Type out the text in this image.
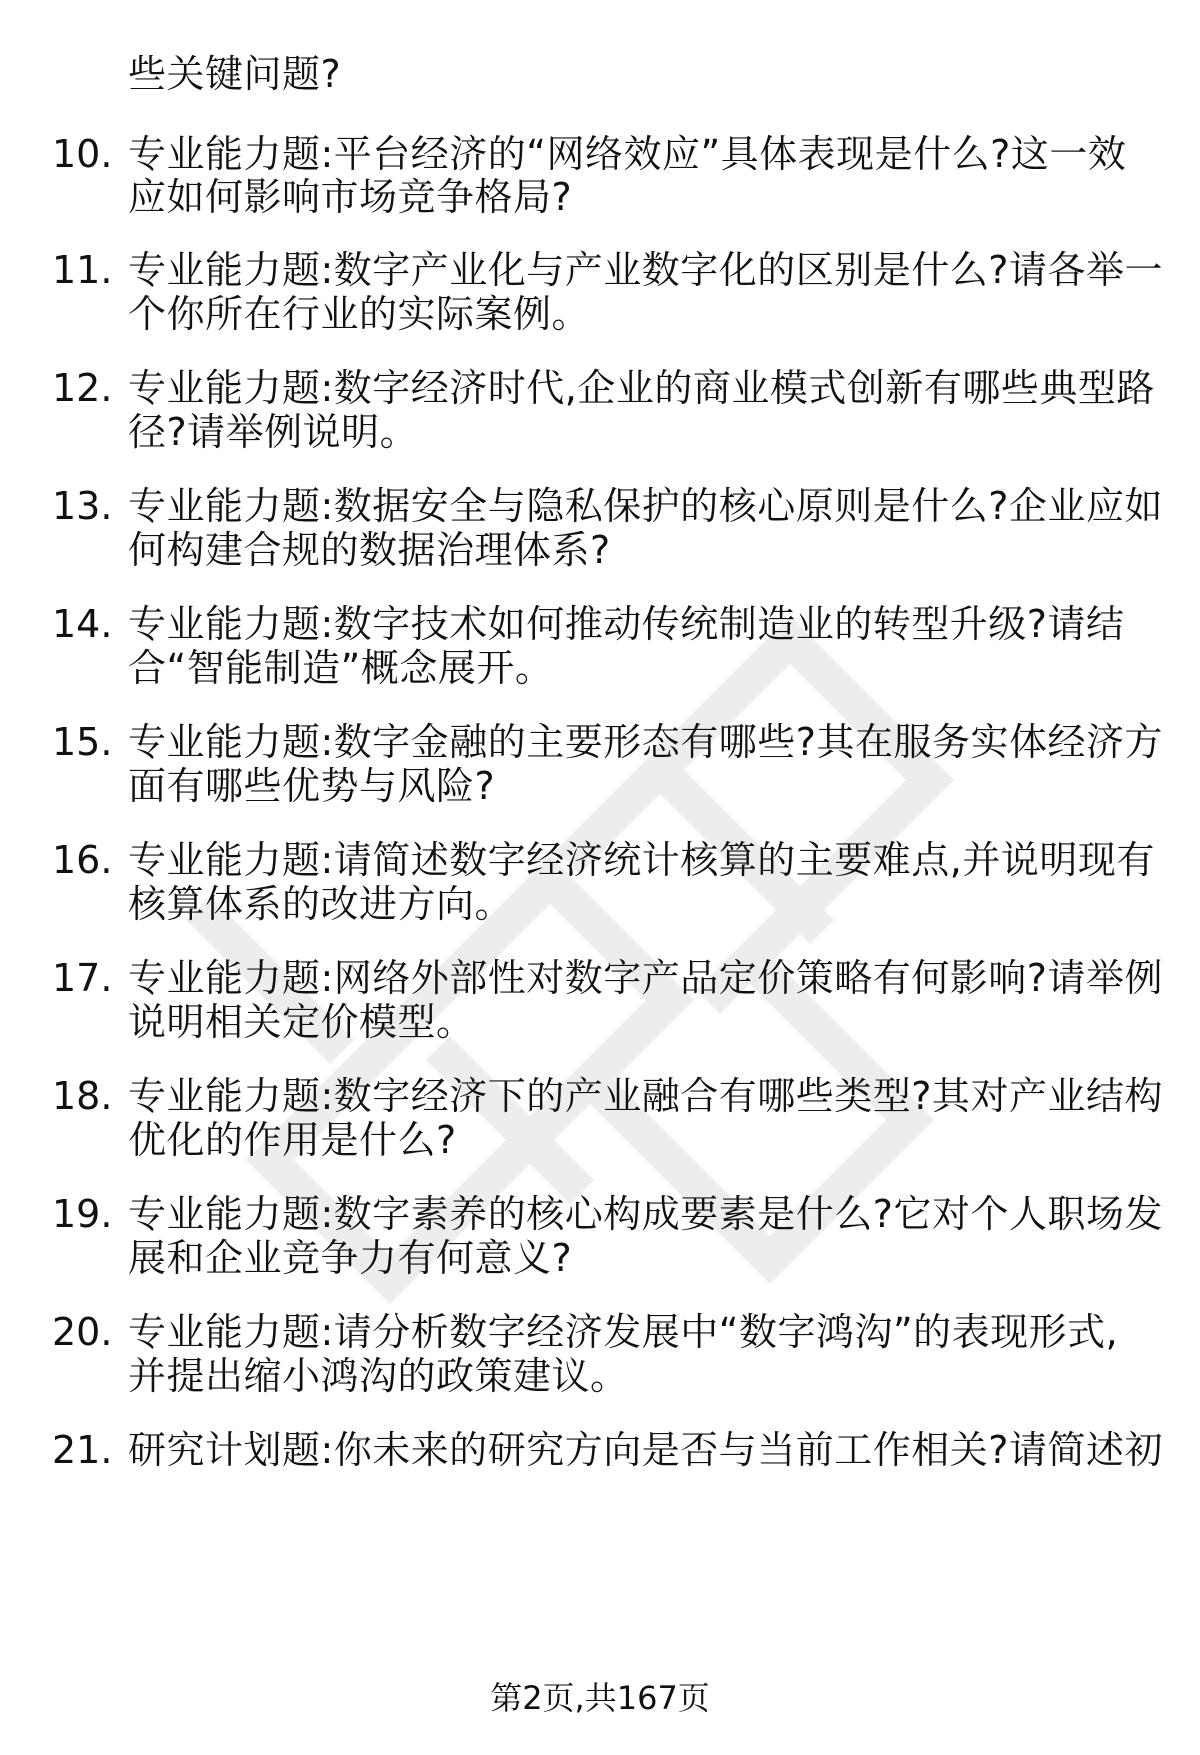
些关键问题?
10. 专业能力题:平台经济的“网络效应”具体表现是什么?这一效
应如何影响市场竞争格局?
11. 专业能力题:数字产业化与产业数字化的区别是什么?请各举一
个你所在行业的实际案例。
12. 专业能力题:数字经济时代,企业的商业模式创新有哪些典型路
径?请举例说明。
13. 专业能力题:数据安全与隐私保护的核心原则是什么?企业应如
何构建合规的数据治理体系?
14. 专业能力题:数字技术如何推动传统制造业的转型升级?请结
合“智能制造”概念展开。
15. 专业能力题:数字金融的主要形态有哪些?其在服务实体经济方
面有哪些优势与风险?
16. 专业能力题:请简述数字经济统计核算的主要难点,并说明现有
核算体系的改进方向。
17. 专业能力题:网络外部性对数字产品定价策略有何影响?请举例
说明相关定价模型。
18. 专业能力题:数字经济下的产业融合有哪些类型?其对产业结构
优化的作用是什么?
19. 专业能力题:数字素养的核心构成要素是什么?它对个人职场发
展和企业竞争力有何意义?
20. 专业能力题:请分析数字经济发展中“数字鸿沟”的表现形式,
并提出缩小鸿沟的政策建议。
21. 研究计划题:你未来的研究方向是否与当前工作相关?请简述初
第2页,共167页
